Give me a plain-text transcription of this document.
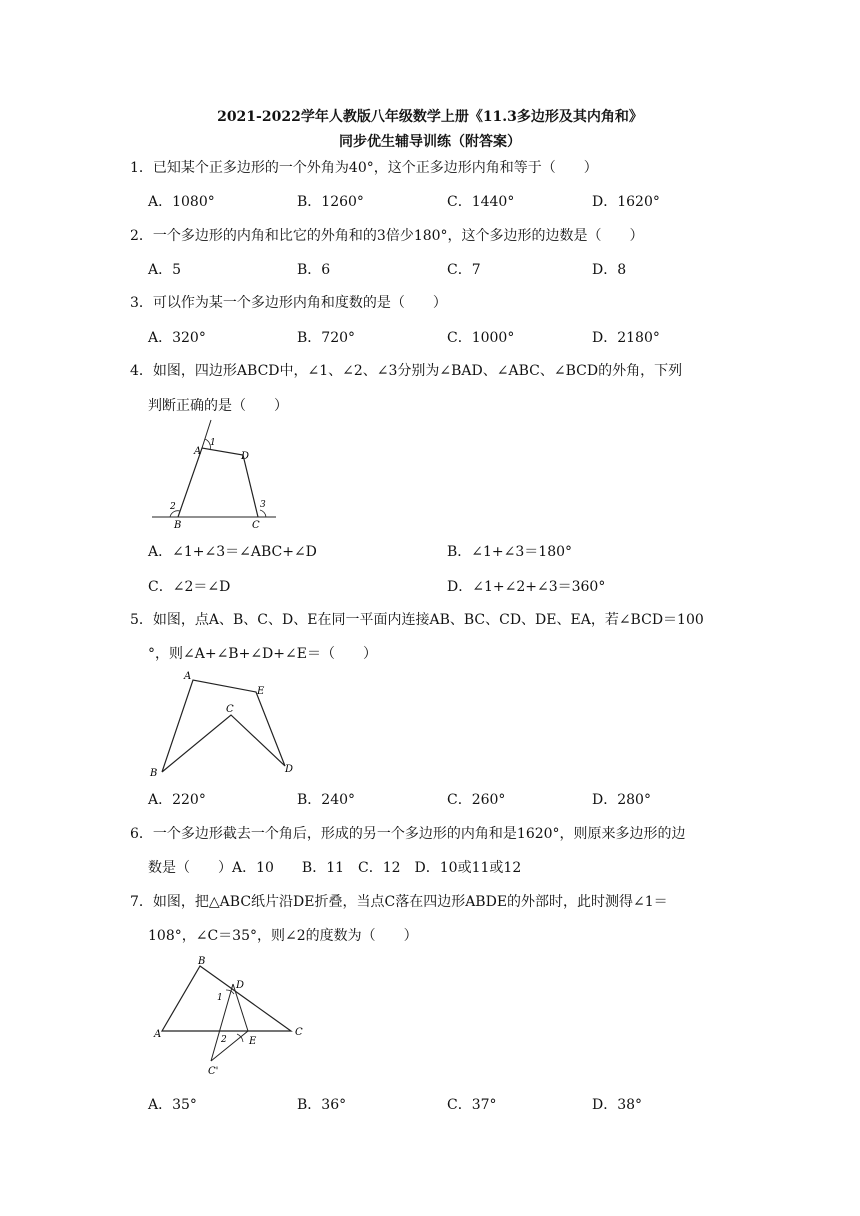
2021-2022学年人教版八年级数学上册《11.3多边形及其内角和》
同步优生辅导训练（附答案）
1．已知某个正多边形的一个外角为40°，这个正多边形内角和等于（　　）
A．1080°	B．1260°	C．1440°	D．1620°
2．一个多边形的内角和比它的外角和的3倍少180°，这个多边形的边数是（　　）
A．5	B．6	C．7	D．8
3．可以作为某一个多边形内角和度数的是（　　）
A．320°	B．720°	C．1000°	D．2180°
4．如图，四边形ABCD中，∠1、∠2、∠3分别为∠BAD、∠ABC、∠BCD的外角，下列
判断正确的是（　　）
A
B	C
D
1
2	3
A．∠1+∠3＝∠ABC+∠D	B．∠1+∠3＝180°
C．∠2＝∠D	D．∠1+∠2+∠3＝360°
5．如图，点A、B、C、D、E在同一平面内连接AB、BC、CD、DE、EA，若∠BCD＝100
°，则∠A+∠B+∠D+∠E＝（　　）
A
B
C
D
E
A．220°	B．240°	C．260°	D．280°
6．一个多边形截去一个角后，形成的另一个多边形的内角和是1620°，则原来多边形的边
数是（　　）A．10　　B．11　C．12　D．10或11或12
7．如图，把△ABC纸片沿DE折叠，当点C落在四边形ABDE的外部时，此时测得∠1＝
108°，∠C＝35°，则∠2的度数为（　　）
A
B
C
D
E
C'
1
2
A．35°	B．36°	C．37°	D．38°
